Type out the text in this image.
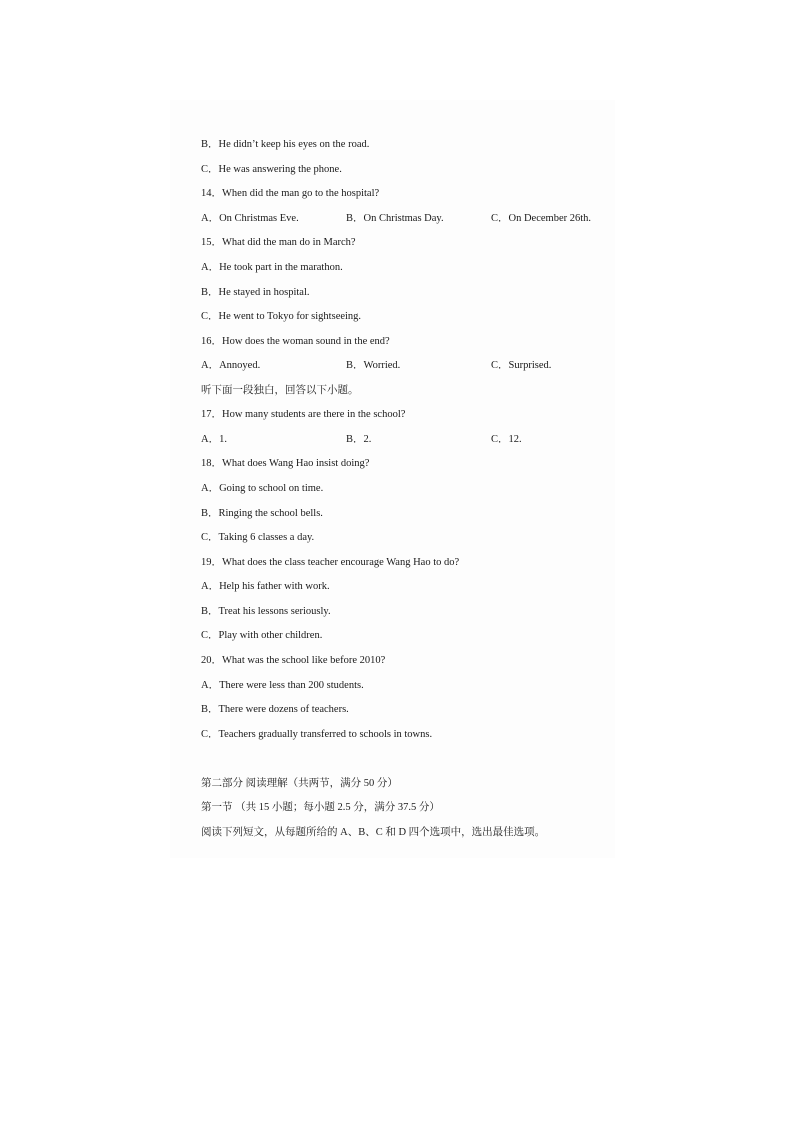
B．He didn’t keep his eyes on the road.
C．He was answering the phone.
14．When did the man go to the hospital?
A．On Christmas Eve.	B．On Christmas Day.	C．On December 26th.
15．What did the man do in March?
A．He took part in the marathon.
B．He stayed in hospital.
C．He went to Tokyo for sightseeing.
16．How does the woman sound in the end?
A．Annoyed.	B．Worried.	C．Surprised.
听下面一段独白，回答以下小题。
17．How many students are there in the school?
A．1.	B．2.	C．12.
18．What does Wang Hao insist doing?
A．Going to school on time.
B．Ringing the school bells.
C．Taking 6 classes a day.
19．What does the class teacher encourage Wang Hao to do?
A．Help his father with work.
B．Treat his lessons seriously.
C．Play with other children.
20．What was the school like before 2010?
A．There were less than 200 students.
B．There were dozens of teachers.
C．Teachers gradually transferred to schools in towns.
第二部分 阅读理解（共两节，满分 50 分）
第一节 （共 15 小题；每小题 2.5 分，满分 37.5 分）
阅读下列短文，从每题所给的 A、B、C 和 D 四个选项中，选出最佳选项。
